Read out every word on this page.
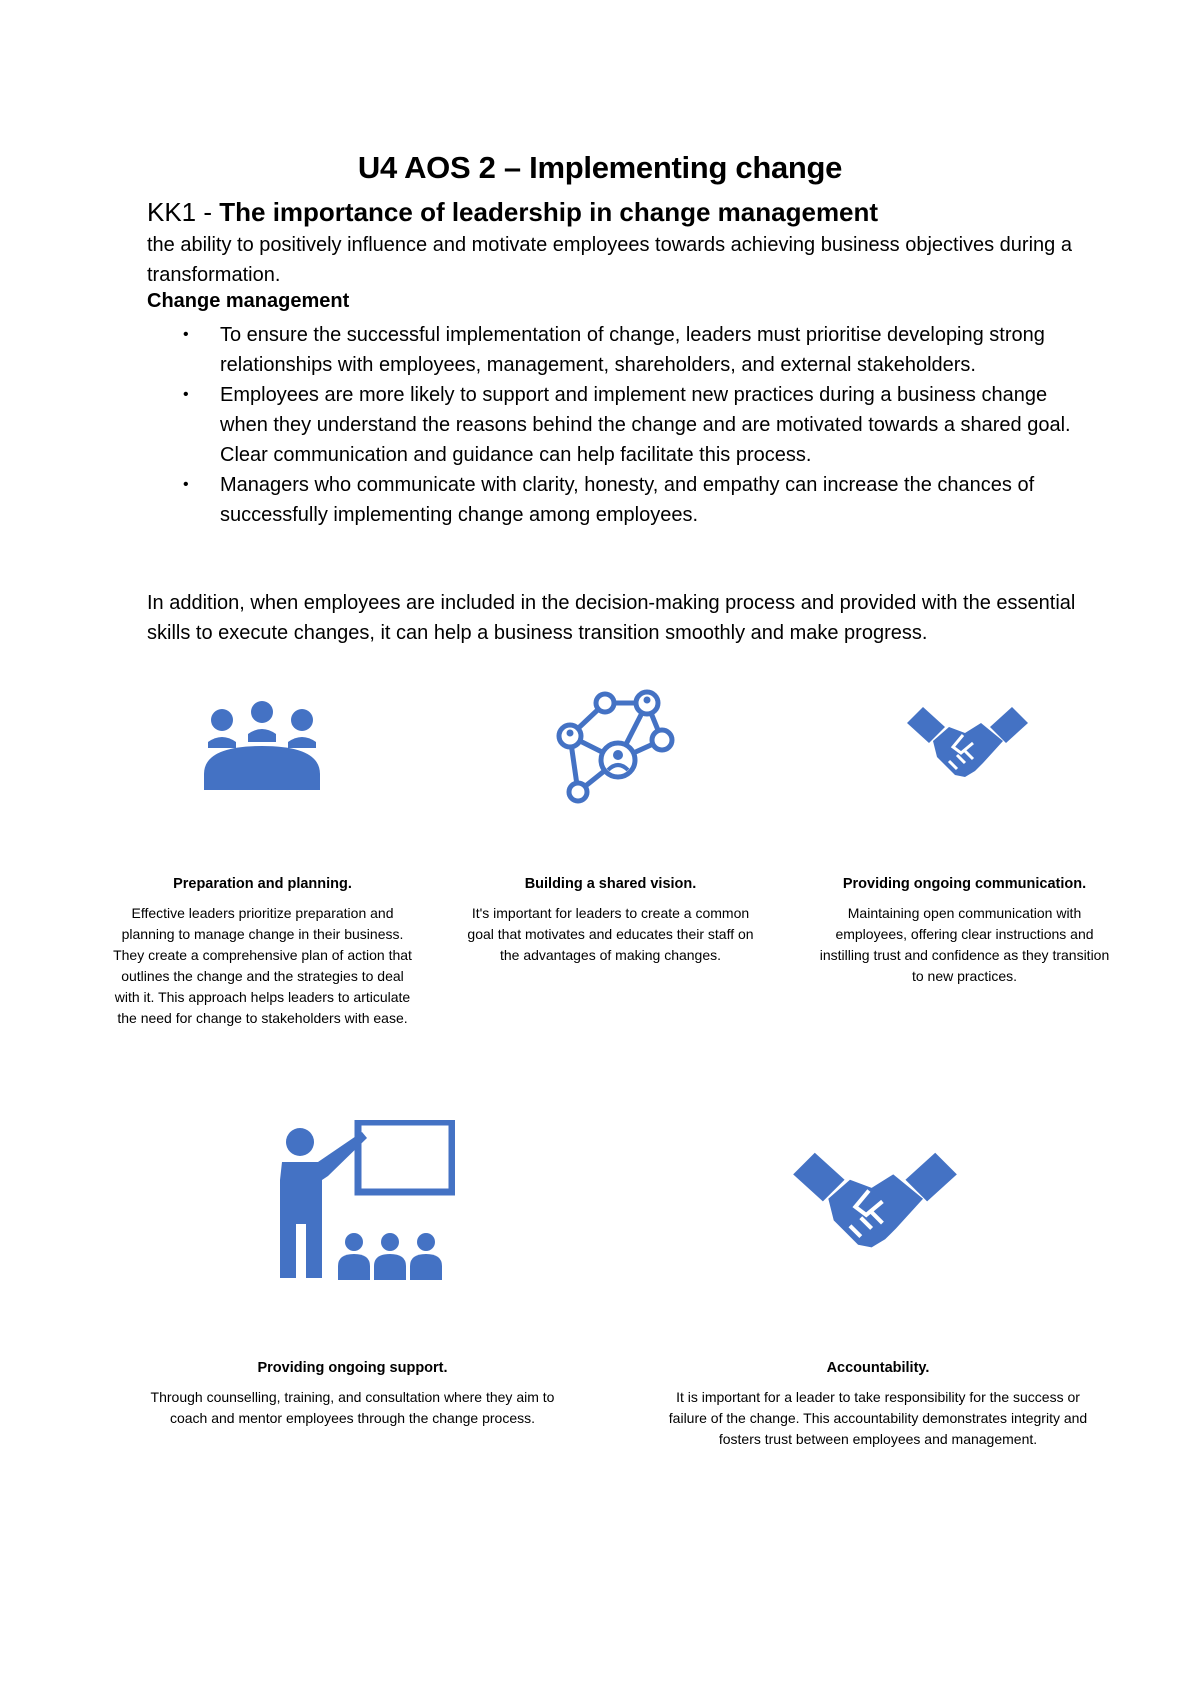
U4 AOS 2 – Implementing change
KK1 - The importance of leadership in change management
the ability to positively influence and motivate employees towards achieving business objectives during a transformation.
Change management
• To ensure the successful implementation of change, leaders must prioritise developing strong relationships with employees, management, shareholders, and external stakeholders.
• Employees are more likely to support and implement new practices during a business change when they understand the reasons behind the change and are motivated towards a shared goal. Clear communication and guidance can help facilitate this process.
• Managers who communicate with clarity, honesty, and empathy can increase the chances of successfully implementing change among employees.
In addition, when employees are included in the decision-making process and provided with the essential skills to execute changes, it can help a business transition smoothly and make progress.
Preparation and planning.
Effective leaders prioritize preparation and planning to manage change in their business. They create a comprehensive plan of action that outlines the change and the strategies to deal with it. This approach helps leaders to articulate the need for change to stakeholders with ease.
Building a shared vision.
It's important for leaders to create a common goal that motivates and educates their staff on the advantages of making changes.
Providing ongoing communication.
Maintaining open communication with employees, offering clear instructions and instilling trust and confidence as they transition to new practices.
Providing ongoing support.
Through counselling, training, and consultation where they aim to coach and mentor employees through the change process.
Accountability.
It is important for a leader to take responsibility for the success or failure of the change. This accountability demonstrates integrity and fosters trust between employees and management.
